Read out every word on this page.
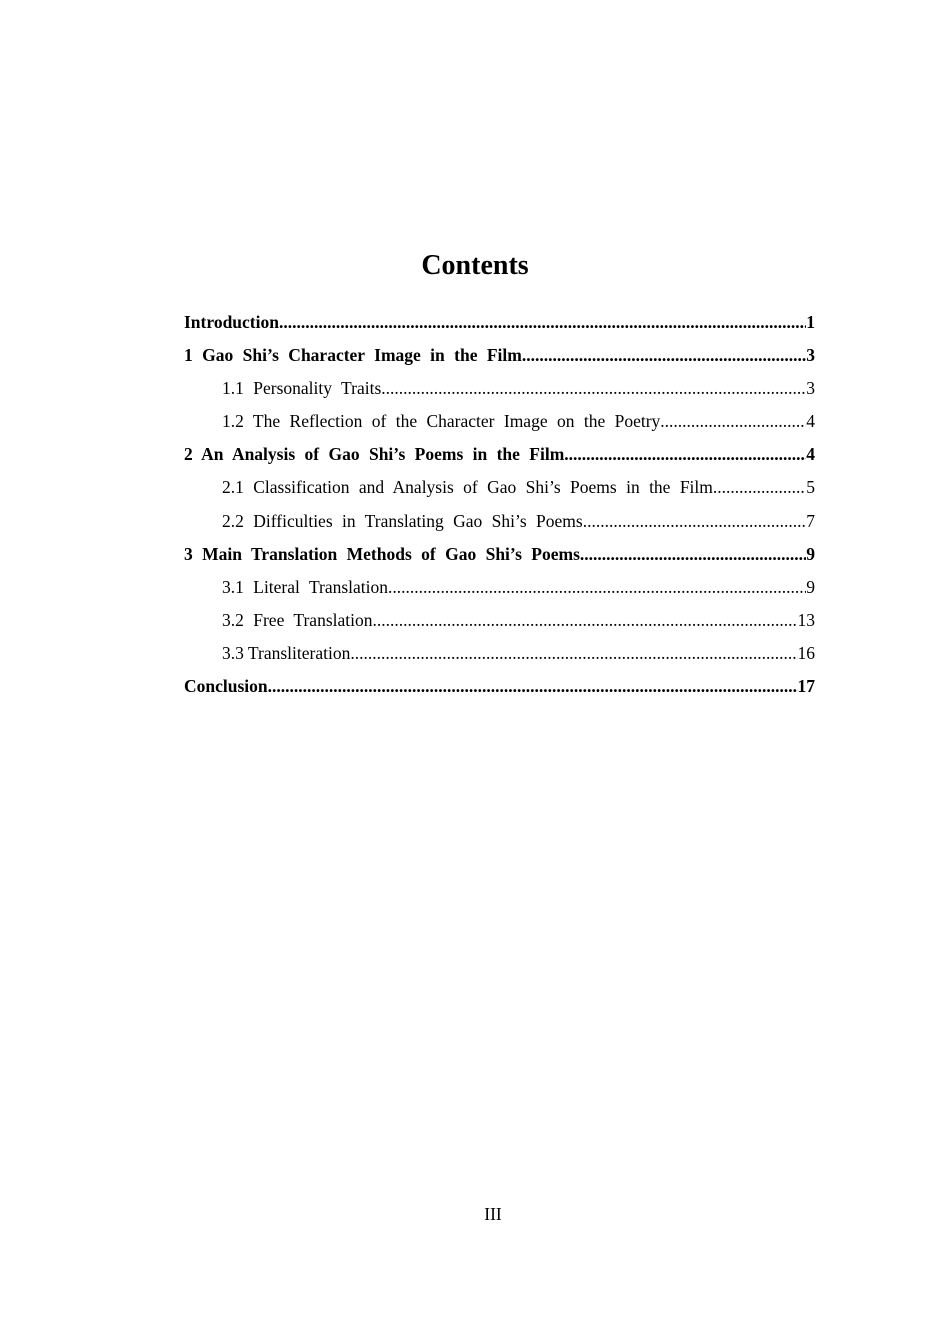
Contents
Introduction .....	1
1 Gao Shi’s Character Image in the Film .....	3
1.1 Personality Traits .....	3
1.2 The Reflection of the Character Image on the Poetry .....	4
2 An Analysis of Gao Shi’s Poems in the Film .....	4
2.1 Classification and Analysis of Gao Shi’s Poems in the Film .....	5
2.2 Difficulties in Translating Gao Shi’s Poems .....	7
3 Main Translation Methods of Gao Shi’s Poems .....	9
3.1 Literal Translation .....	9
3.2 Free Translation .....	13
3.3 Transliteration .....	16
Conclusion .....	17
III
